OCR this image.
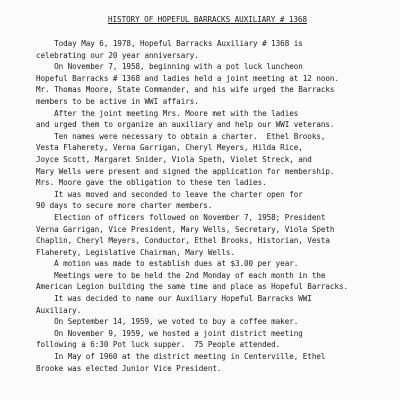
HISTORY OF HOPEFUL BARRACKS AUXILIARY # 1368
Today May 6, 1978, Hopeful Barracks Auxiliary # 1368 is
celebrating our 20 year anniversary.
On November 7, 1958, beginning with a pot luck luncheon
Hopeful Barracks # 1368 and ladies held a joint meeting at 12 noon.
Mr. Thomas Moore, State Commander, and his wife urged the Barracks
members to be active in WWI affairs.
After the joint meeting Mrs. Moore met with the ladies
and urged them to organize an auxiliary and help our WWI veterans.
Ten names were necessary to obtain a charter.  Ethel Brooks,
Vesta Flaherety, Verna Garrigan, Cheryl Meyers, Hilda Rice,
Joyce Scott, Margaret Snider, Viola Speth, Violet Streck, and
Mary Wells were present and signed the application for membership.
Mrs. Moore gave the obligation to these ten ladies.
It was moved and seconded to leave the charter open for
90 days to secure more charter members.
Election of officers followed on November 7, 1958; President
Verna Garrigan, Vice President, Mary Wells, Secretary, Viola Speth
Chaplin, Cheryl Meyers, Conductor, Ethel Brooks, Historian, Vesta
Flaherety, Legislative Chairman, Mary Wells.
A motion was made to establish dues at $3.00 per year.
Meetings were to be held the 2nd Monday of each month in the
American Legion building the same time and place as Hopeful Barracks.
It was decided to name our Auxiliary Hopeful Barracks WWI
Auxiliary.
On September 14, 1959, we voted to buy a coffee maker.
On November 9, 1959, we hosted a joint district meeting
following a 6:30 Pot luck supper.  75 People attended.
In May of 1960 at the district meeting in Centerville, Ethel
Brooke was elected Junior Vice President.
